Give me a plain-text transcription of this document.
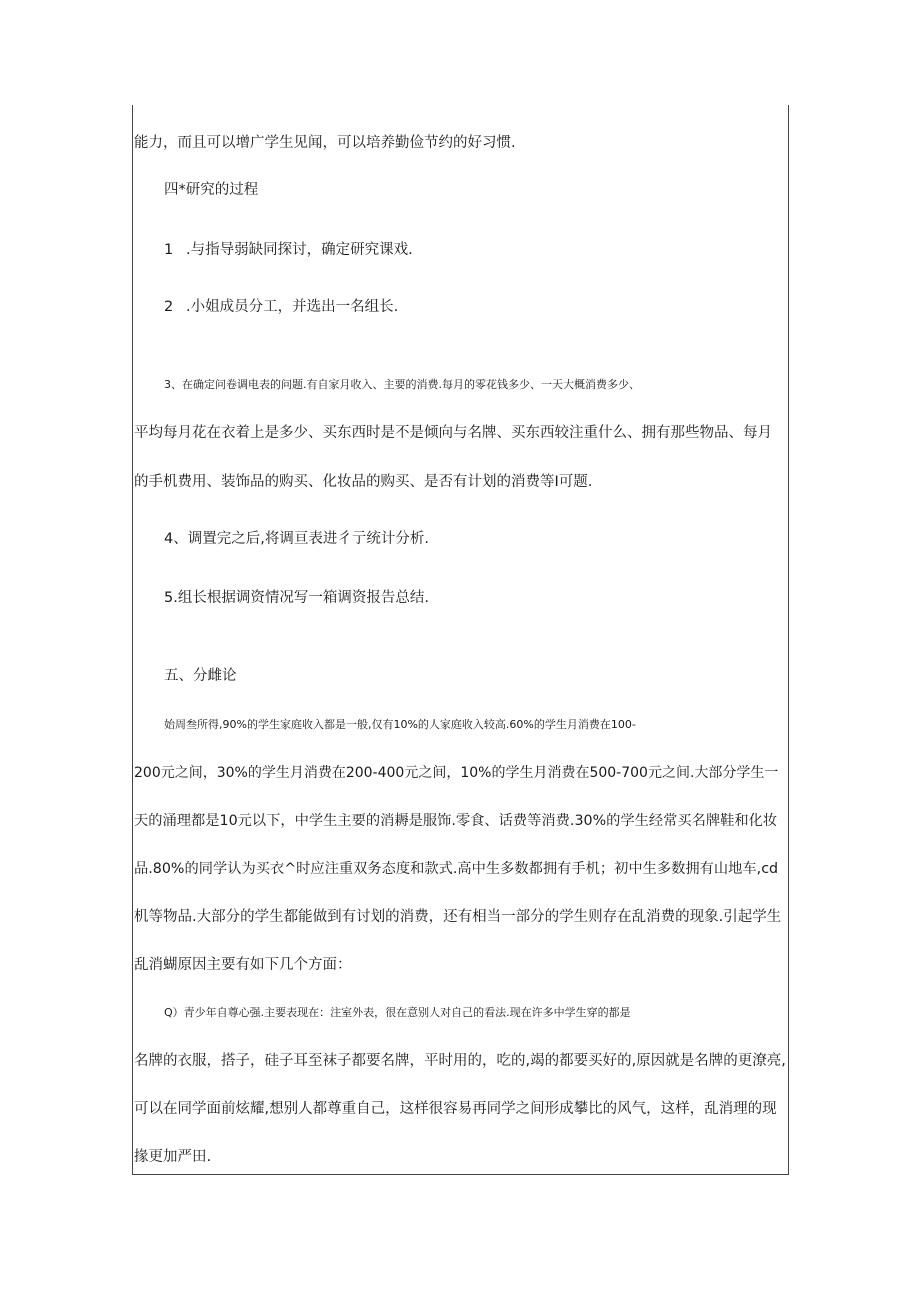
能力，而且可以增广学生见闻，可以培养勤俭节约的好习惯.
四*研究的过程
1 .与指导弱缺同探讨，确定研究课戏.
2 .小姐成员分工，并选出一名组长.
3、在确定问卷调电表的问题.有自家月收入、主要的消费.每月的零花钱多少、一天大概消费多少、
平均每月花在衣着上是多少、买东西时是不是倾向与名牌、买东西较注重什么、拥有那些物品、每月
的手机费用、装饰品的购买、化妆品的购买、是否有计划的消费等I可题.
4、调置完之后,将调亘表进彳亍统计分析.
5.组长根据调资情况写一箱调资报告总结.
五、分雌论
始周叁所得,90%的学生家庭收入都是一般,仅有10%的人家庭收入较高.60%的学生月消费在100-
200元之间，30%的学生月消费在200-400元之间，10%的学生月消费在500-700元之间.大部分学生一
天的涌理都是10元以下，中学生主要的消耨是服饰.零食、话费等消费.30%的学生经常买名牌鞋和化妆
品.80%的同学认为买衣^时应注重双务态度和款式.高中生多数都拥有手机；初中生多数拥有山地车,cd
机等物品.大部分的学生都能做到有讨划的消费，还有相当一部分的学生则存在乱消费的现象.引起学生
乱消蝴原因主要有如下几个方面：
Q）青少年自尊心强.主要表现在：注室外表，很在意别人对自己的看法.现在许多中学生穿的都是
名牌的衣服，搭子，硅子耳至袜子都要名牌，平时用的，吃的,竭的都要买好的,原因就是名牌的更潦亮,
可以在同学面前炫耀,想别人都尊重自己，这样很容易再同学之间形成攀比的风气，这样，乱消理的现
掾更加严田.
